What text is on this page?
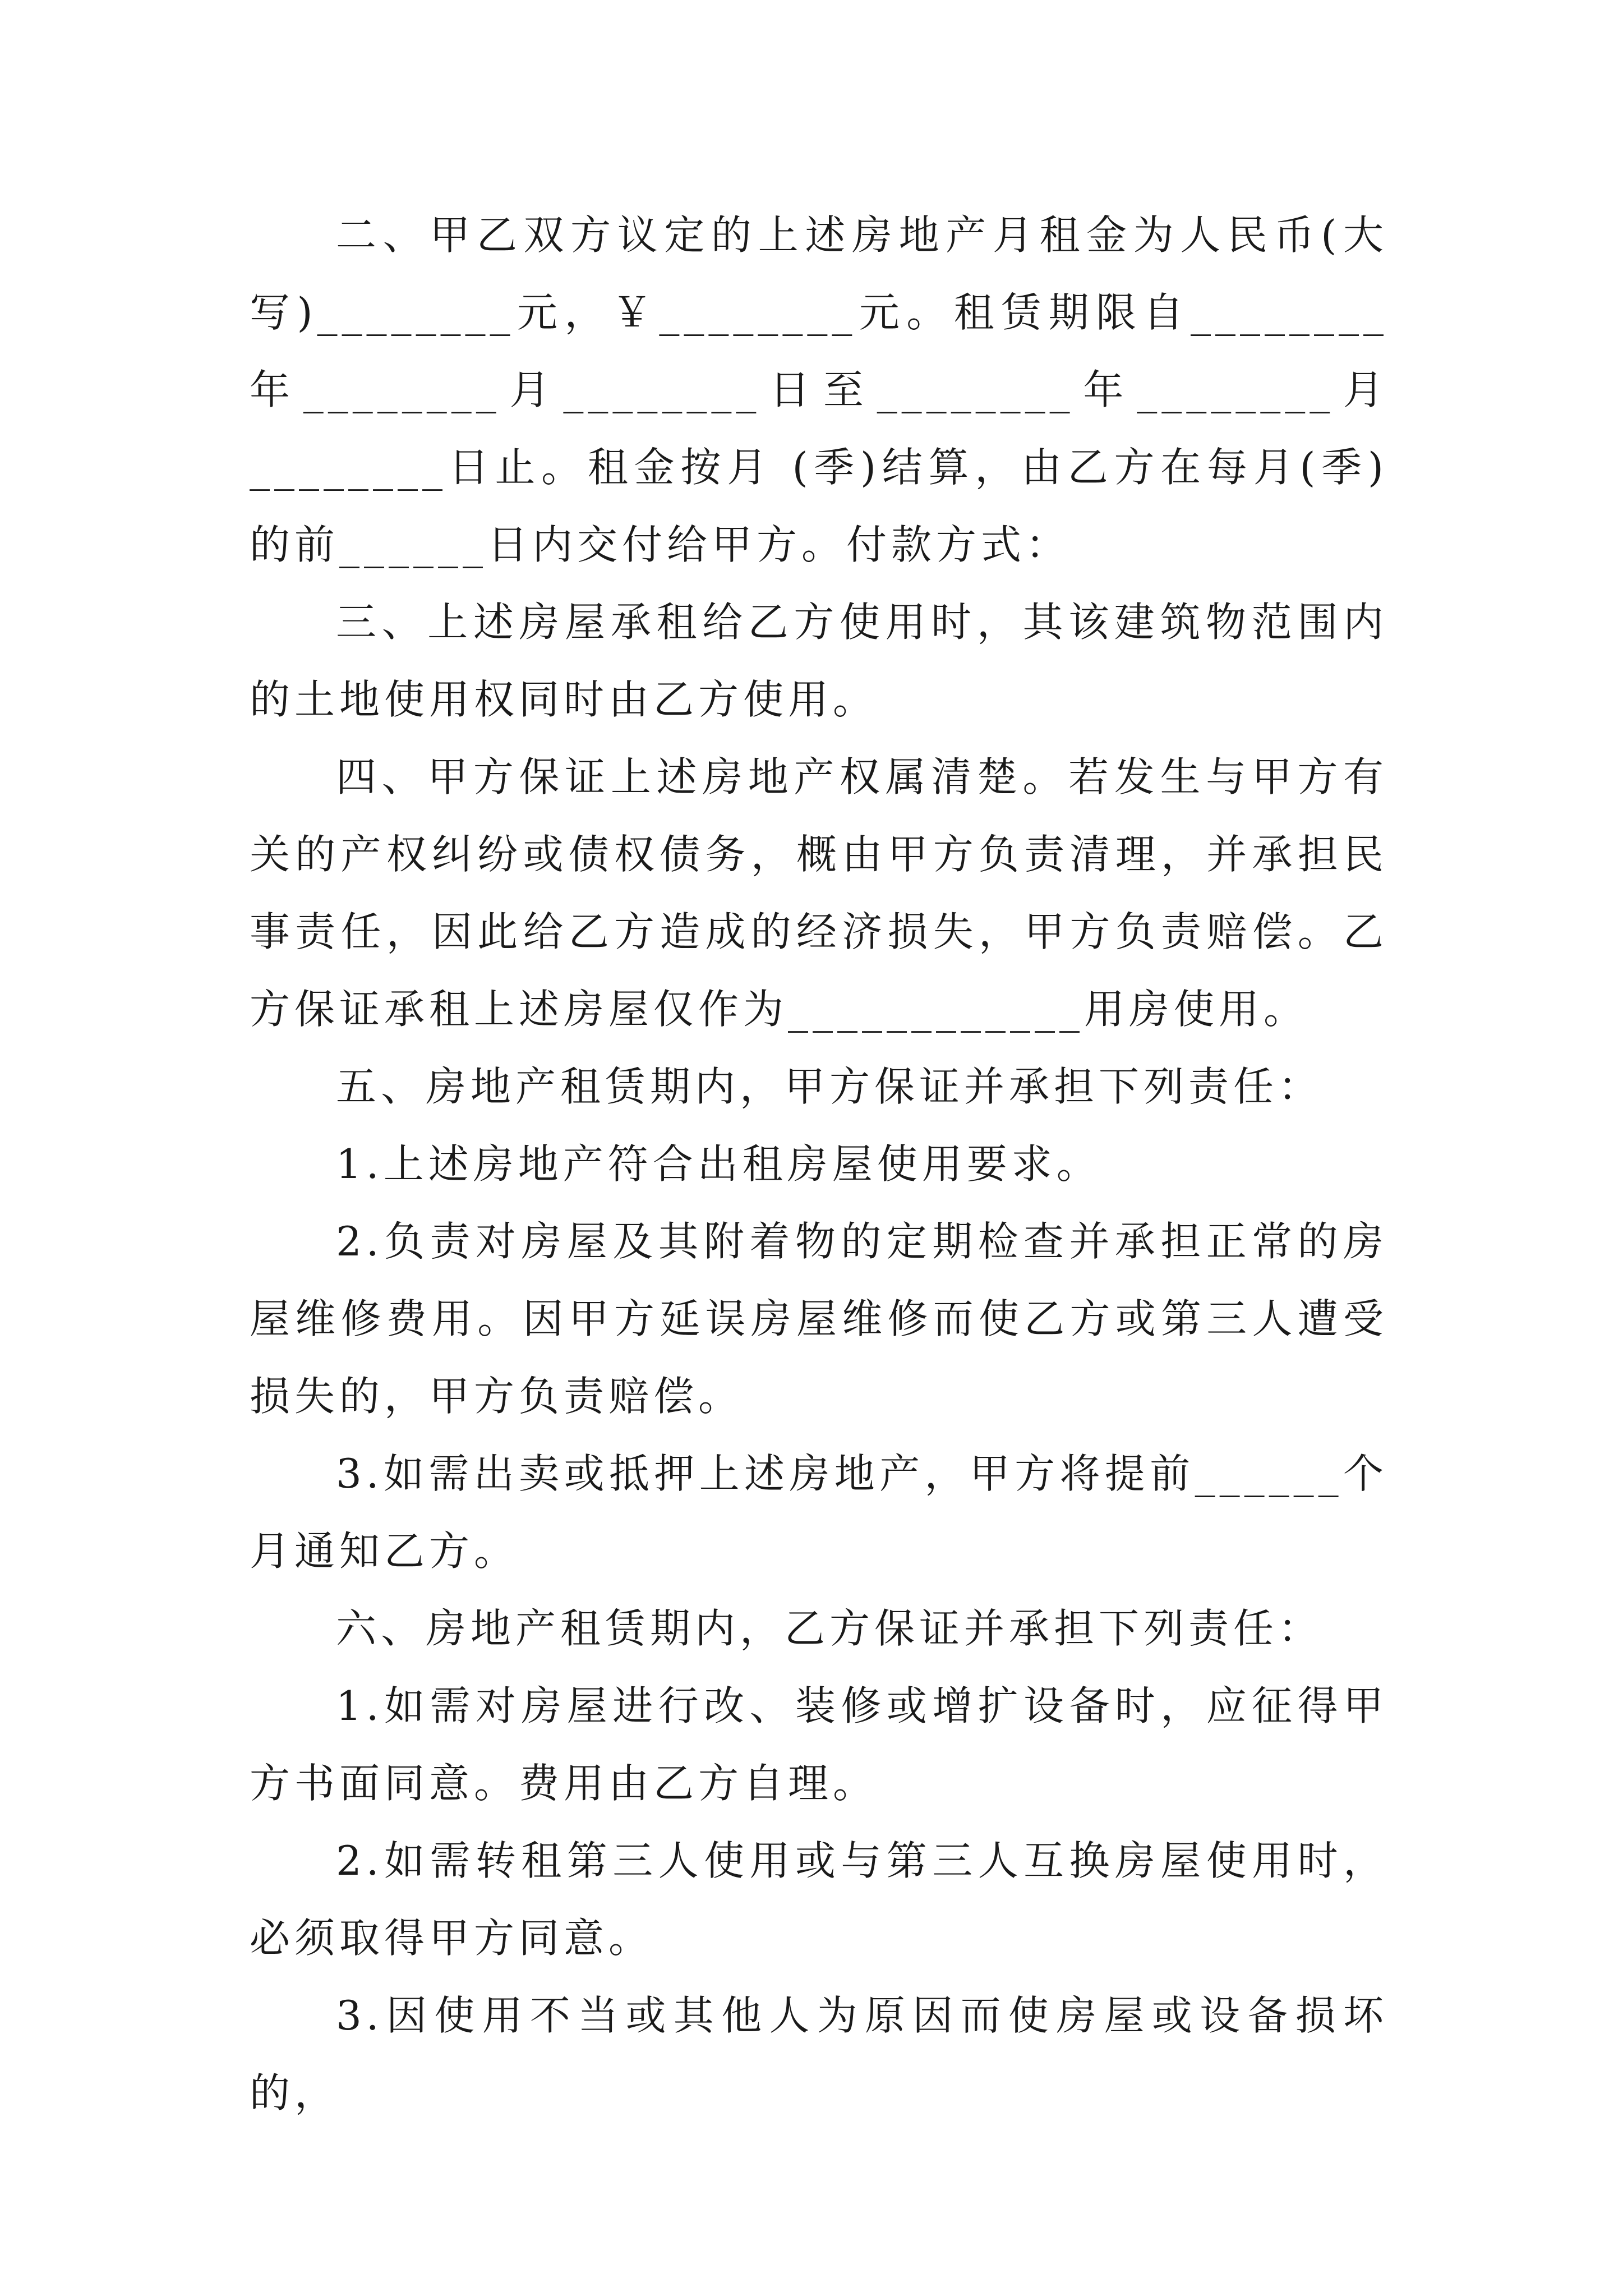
二、甲乙双方议定的上述房地产月租金为人民币(大写)________元，￥________元。租赁期限自________年________月________日至________年________月________日止。租金按月 (季)结算，由乙方在每月(季)的前______日内交付给甲方。付款方式：

三、上述房屋承租给乙方使用时，其该建筑物范围内的土地使用权同时由乙方使用。

四、甲方保证上述房地产权属清楚。若发生与甲方有关的产权纠纷或债权债务，概由甲方负责清理，并承担民事责任，因此给乙方造成的经济损失，甲方负责赔偿。乙方保证承租上述房屋仅作为____________用房使用。

五、房地产租赁期内，甲方保证并承担下列责任：

1.上述房地产符合出租房屋使用要求。

2.负责对房屋及其附着物的定期检查并承担正常的房屋维修费用。因甲方延误房屋维修而使乙方或第三人遭受损失的，甲方负责赔偿。

3.如需出卖或抵押上述房地产，甲方将提前______个月通知乙方。

六、房地产租赁期内，乙方保证并承担下列责任：

1.如需对房屋进行改、装修或增扩设备时，应征得甲方书面同意。费用由乙方自理。

2.如需转租第三人使用或与第三人互换房屋使用时，必须取得甲方同意。

3.因使用不当或其他人为原因而使房屋或设备损坏的，
